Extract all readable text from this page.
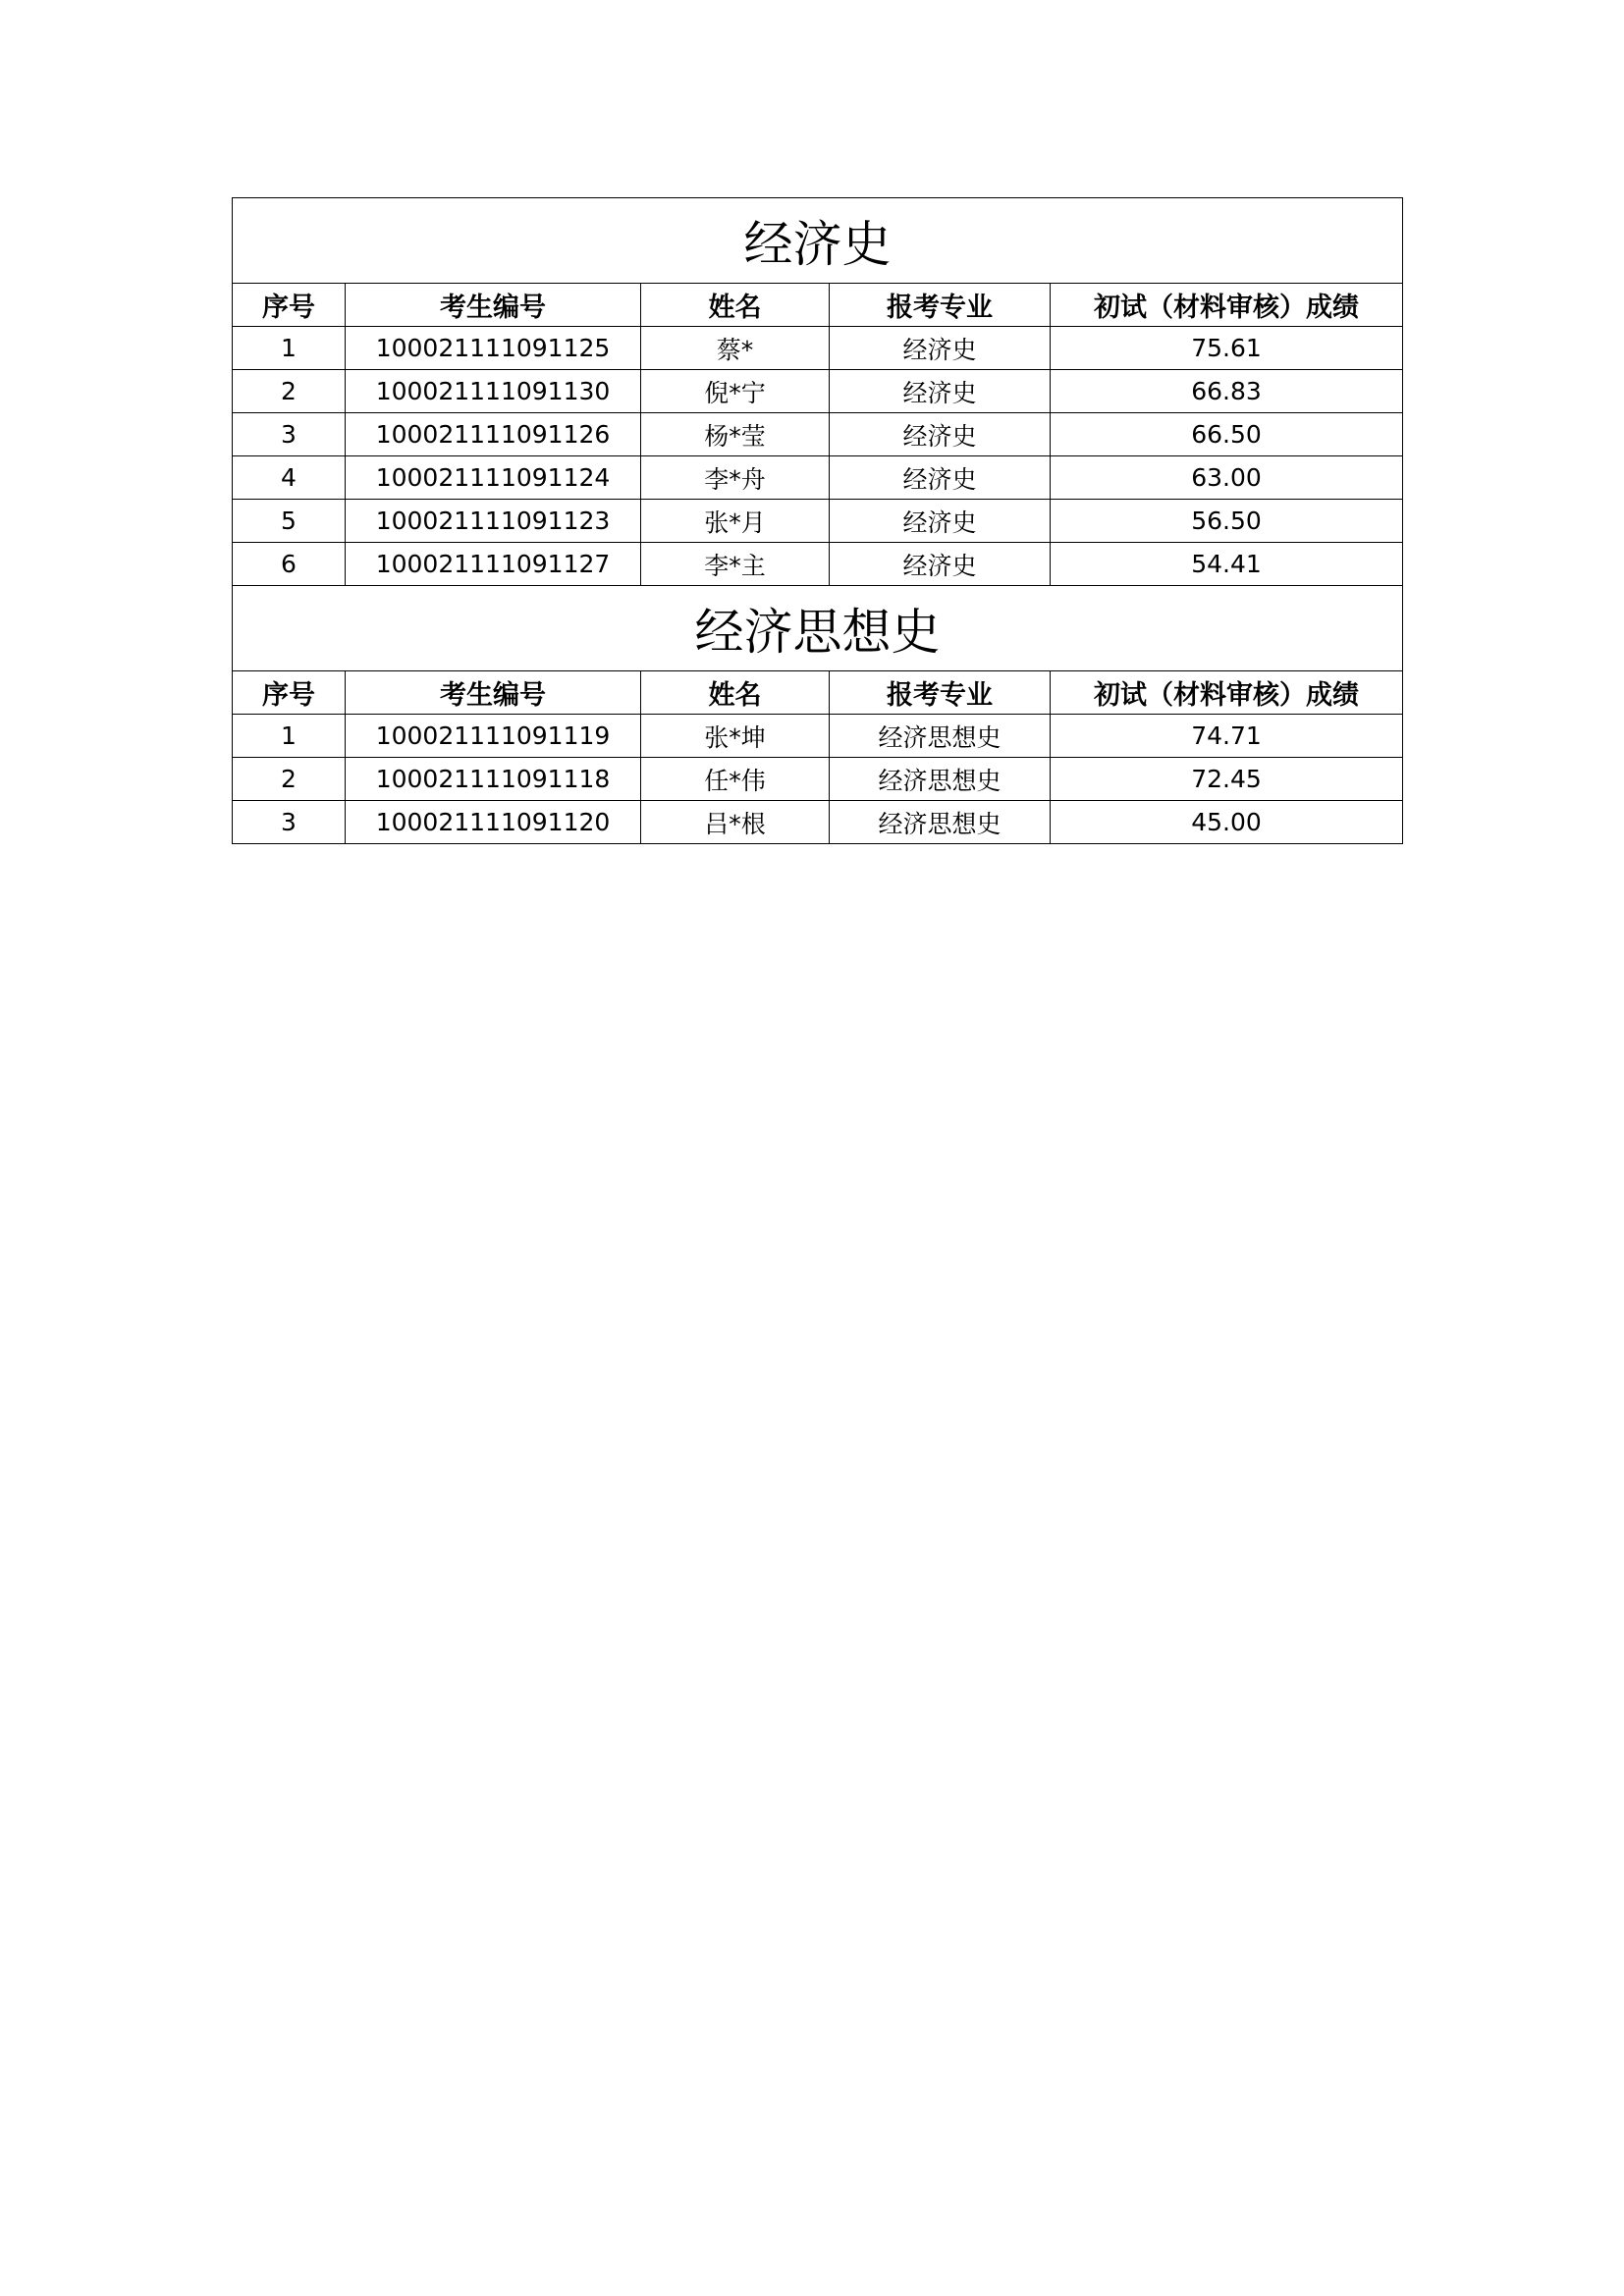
经济史				
序号	考生编号	姓名	报考专业	初试（材料审核）成绩
1	100021111091125	蔡*	经济史	75.61
2	100021111091130	倪*宁	经济史	66.83
3	100021111091126	杨*莹	经济史	66.50
4	100021111091124	李*舟	经济史	63.00
5	100021111091123	张*月	经济史	56.50
6	100021111091127	李*主	经济史	54.41
经济思想史				
序号	考生编号	姓名	报考专业	初试（材料审核）成绩
1	100021111091119	张*坤	经济思想史	74.71
2	100021111091118	任*伟	经济思想史	72.45
3	100021111091120	吕*根	经济思想史	45.00
